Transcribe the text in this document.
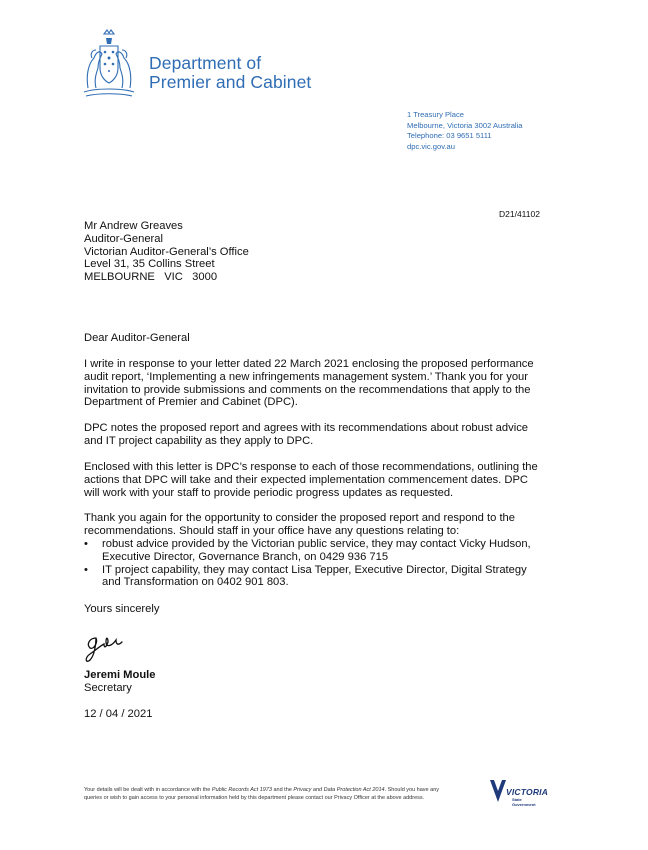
Department of
Premier and Cabinet
1 Treasury Place
Melbourne, Victoria 3002 Australia
Telephone: 03 9651 5111
dpc.vic.gov.au
D21/41102
Mr Andrew Greaves
Auditor-General
Victorian Auditor-General’s Office
Level 31, 35 Collins Street
MELBOURNE   VIC   3000
Dear Auditor-General
I write in response to your letter dated 22 March 2021 enclosing the proposed performance audit report, ‘Implementing a new infringements management system.’ Thank you for your invitation to provide submissions and comments on the recommendations that apply to the Department of Premier and Cabinet (DPC).
DPC notes the proposed report and agrees with its recommendations about robust advice and IT project capability as they apply to DPC.
Enclosed with this letter is DPC’s response to each of those recommendations, outlining the actions that DPC will take and their expected implementation commencement dates. DPC will work with your staff to provide periodic progress updates as requested.
Thank you again for the opportunity to consider the proposed report and respond to the recommendations. Should staff in your office have any questions relating to:
• robust advice provided by the Victorian public service, they may contact Vicky Hudson, Executive Director, Governance Branch, on 0429 936 715
• IT project capability, they may contact Lisa Tepper, Executive Director, Digital Strategy and Transformation on 0402 901 803.
Yours sincerely
Jeremi Moule
Secretary
12 / 04 / 2021
Your details will be dealt with in accordance with the Public Records Act 1973 and the Privacy and Data Protection Act 2014. Should you have any
queries or wish to gain access to your personal information held by this department please contact our Privacy Officer at the above address.
VICTORIA
State
Government
